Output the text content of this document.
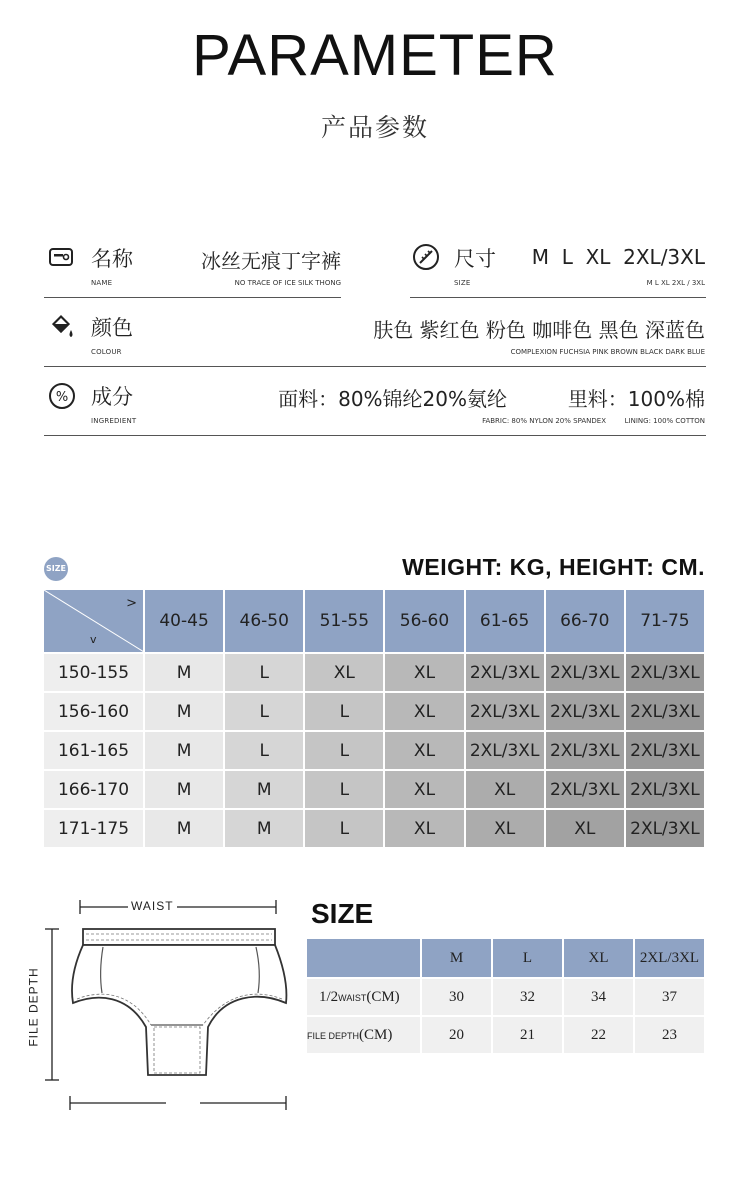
PARAMETER
产品参数
名称
NAME
冰丝无痕丁字裤
NO TRACE OF ICE SILK THONG
尺寸
SIZE
M  L  XL  2XL/3XL
M L XL 2XL / 3XL
颜色
COLOUR
肤色 紫红色 粉色 咖啡色 黑色 深蓝色
COMPLEXION FUCHSIA PINK BROWN BLACK DARK BLUE
% 成分
INGREDIENT
面料：80%锦纶20%氨纶
FABRIC: 80% NYLON 20% SPANDEX
里料：100%棉
LINING: 100% COTTON
SIZE	WEIGHT: KG, HEIGHT: CM.
>
v	40-45	46-50	51-55	56-60	61-65	66-70	71-75
150-155	M	L	XL	XL	2XL/3XL	2XL/3XL	2XL/3XL
156-160	M	L	L	XL	2XL/3XL	2XL/3XL	2XL/3XL
161-165	M	L	L	XL	2XL/3XL	2XL/3XL	2XL/3XL
166-170	M	M	L	XL	XL	2XL/3XL	2XL/3XL
171-175	M	M	L	XL	XL	XL	2XL/3XL
WAIST
FILE DEPTH
SIZE
	M	L	XL	2XL/3XL
1/2WAIST(CM)	30	32	34	37
FILE DEPTH(CM)	20	21	22	23
